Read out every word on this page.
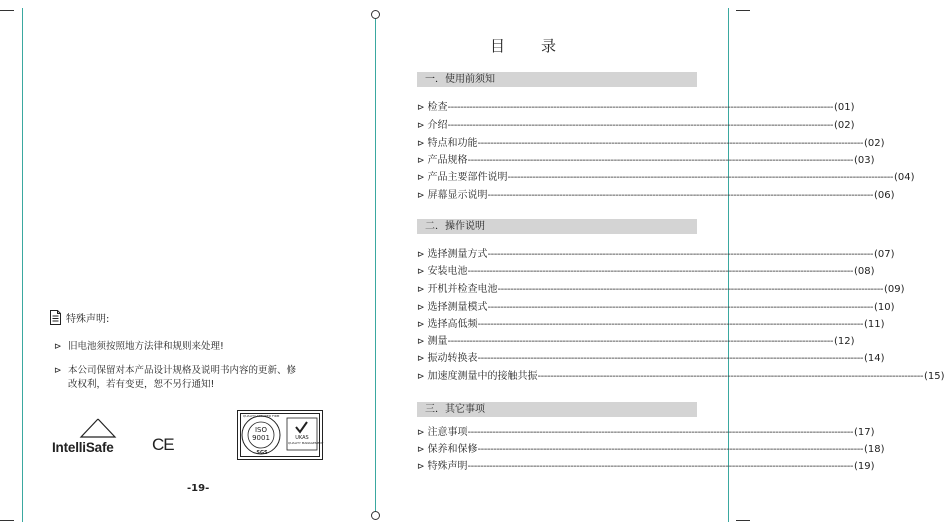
特殊声明:
⊳ 旧电池须按照地方法律和规则来处理!
⊳ 本公司保留对本产品设计规格及说明书内容的更新、修
改权利，若有变更，恕不另行通知!
IntelliSafe CE
ISO 9001
QUALITY ASSURED FIRM
UKAS
QUALITY MANAGEMENT
SGS
-19-
目　　录
一．使用前须知
⊳ 检查 -----	(01)
⊳ 介绍 -----	(02)
⊳ 特点和功能 -----	(02)
⊳ 产品规格 -----	(03)
⊳ 产品主要部件说明 -----	(04)
⊳ 屏幕显示说明 -----	(06)
二．操作说明
⊳ 选择测量方式 -----	(07)
⊳ 安装电池 -----	(08)
⊳ 开机并检查电池 -----	(09)
⊳ 选择测量模式 -----	(10)
⊳ 选择高低频 -----	(11)
⊳ 测量 -----	(12)
⊳ 振动转换表 -----	(14)
⊳ 加速度测量中的接触共振 -----	(15)
三．其它事项
⊳ 注意事项 -----	(17)
⊳ 保养和保修 -----	(18)
⊳ 特殊声明 -----	(19)
